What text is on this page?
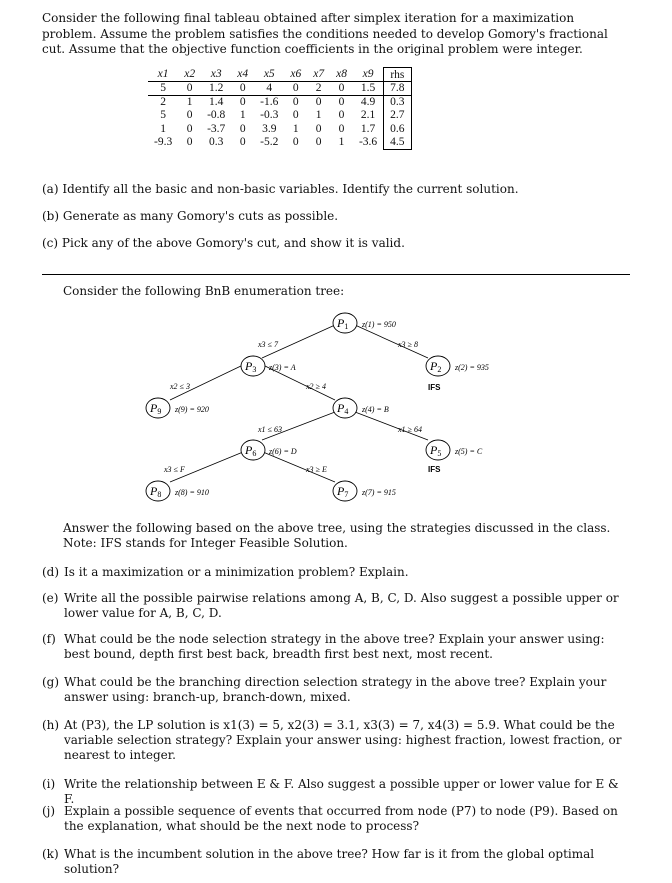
Consider the following final tableau obtained after simplex iteration for a maximization problem. Assume the problem satisfies the conditions needed to develop Gomory's fractional cut. Assume that the objective function coefficients in the original problem were integer.
x1	x2	x3	x4	x5	x6	x7	x8	x9	rhs
5	0	1.2	0	4	0	2	0	1.5	7.8
2	1	1.4	0	-1.6	0	0	0	4.9	0.3
5	0	-0.8	1	-0.3	0	1	0	2.1	2.7
1	0	-3.7	0	3.9	1	0	0	1.7	0.6
-9.3	0	0.3	0	-5.2	0	0	1	-3.6	4.5
(a) Identify all the basic and non-basic variables. Identify the current solution.
(b) Generate as many Gomory's cuts as possible.
(c) Pick any of the above Gomory's cut, and show it is valid.
Consider the following BnB enumeration tree:
P1 z(1) = 950
P2 z(2) = 935
IFS
P3 z(3) = A
P4 z(4) = B
P5 z(5) = C
IFS
P6 z(6) = D
P7 z(7) = 915
P8 z(8) = 910
P9 z(9) = 920
x3 ≤ 7	x3 ≥ 8
x2 ≤ 3	x2 ≥ 4
x1 ≤ 63	x1 ≥ 64
x3 ≤ F	x3 ≥ E
Answer the following based on the above tree, using the strategies discussed in the class. Note: IFS stands for Integer Feasible Solution.
(d) Is it a maximization or a minimization problem? Explain.
(e) Write all the possible pairwise relations among A, B, C, D. Also suggest a possible upper or lower value for A, B, C, D.
(f) What could be the node selection strategy in the above tree? Explain your answer using: best bound, depth first best back, breadth first best next, most recent.
(g) What could be the branching direction selection strategy in the above tree? Explain your answer using: branch-up, branch-down, mixed.
(h) At (P3), the LP solution is x1(3) = 5, x2(3) = 3.1, x3(3) = 7, x4(3) = 5.9. What could be the variable selection strategy? Explain your answer using: highest fraction, lowest fraction, or nearest to integer.
(i) Write the relationship between E & F. Also suggest a possible upper or lower value for E & F.
(j) Explain a possible sequence of events that occurred from node (P7) to node (P9). Based on the explanation, what should be the next node to process?
(k) What is the incumbent solution in the above tree? How far is it from the global optimal solution?
